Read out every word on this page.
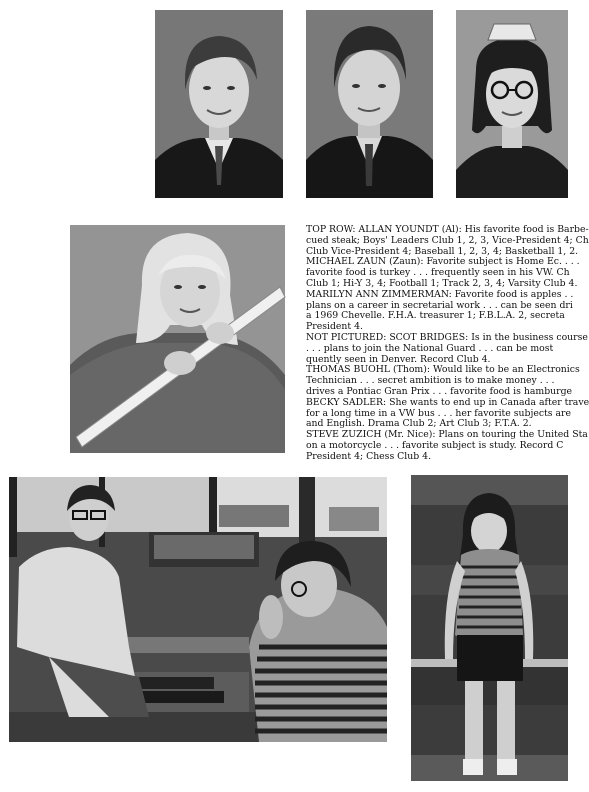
TOP ROW: ALLAN YOUNDT (Al): His favorite food is Barbe-
cued steak; Boys' Leaders Club 1, 2, 3, Vice-President 4; Ch
Club Vice-President 4; Baseball 1, 2, 3, 4; Basketball 1, 2.
MICHAEL ZAUN (Zaun): Favorite subject is Home Ec. . . .
favorite food is turkey . . . frequently seen in his VW. Ch
Club 1; Hi-Y 3, 4; Football 1; Track 2, 3, 4; Varsity Club 4.
MARILYN ANN ZIMMERMAN: Favorite food is apples . .
plans on a career in secretarial work . . . can be seen dri
a 1969 Chevelle. F.H.A. treasurer 1; F.B.L.A. 2, secreta
President 4.
NOT PICTURED: SCOT BRIDGES: Is in the business course
. . . plans to join the National Guard . . . can be most
quently seen in Denver. Record Club 4.
THOMAS BUOHL (Thom): Would like to be an Electronics
Technician . . . secret ambition is to make money . . .
drives a Pontiac Gran Prix . . . favorite food is hamburge
BECKY SADLER: She wants to end up in Canada after trave
for a long time in a VW bus . . . her favorite subjects are
and English. Drama Club 2; Art Club 3; F.T.A. 2.
STEVE ZUZICH (Mr. Nice): Plans on touring the United Sta
on a motorcycle . . . favorite subject is study. Record C
President 4; Chess Club 4.
